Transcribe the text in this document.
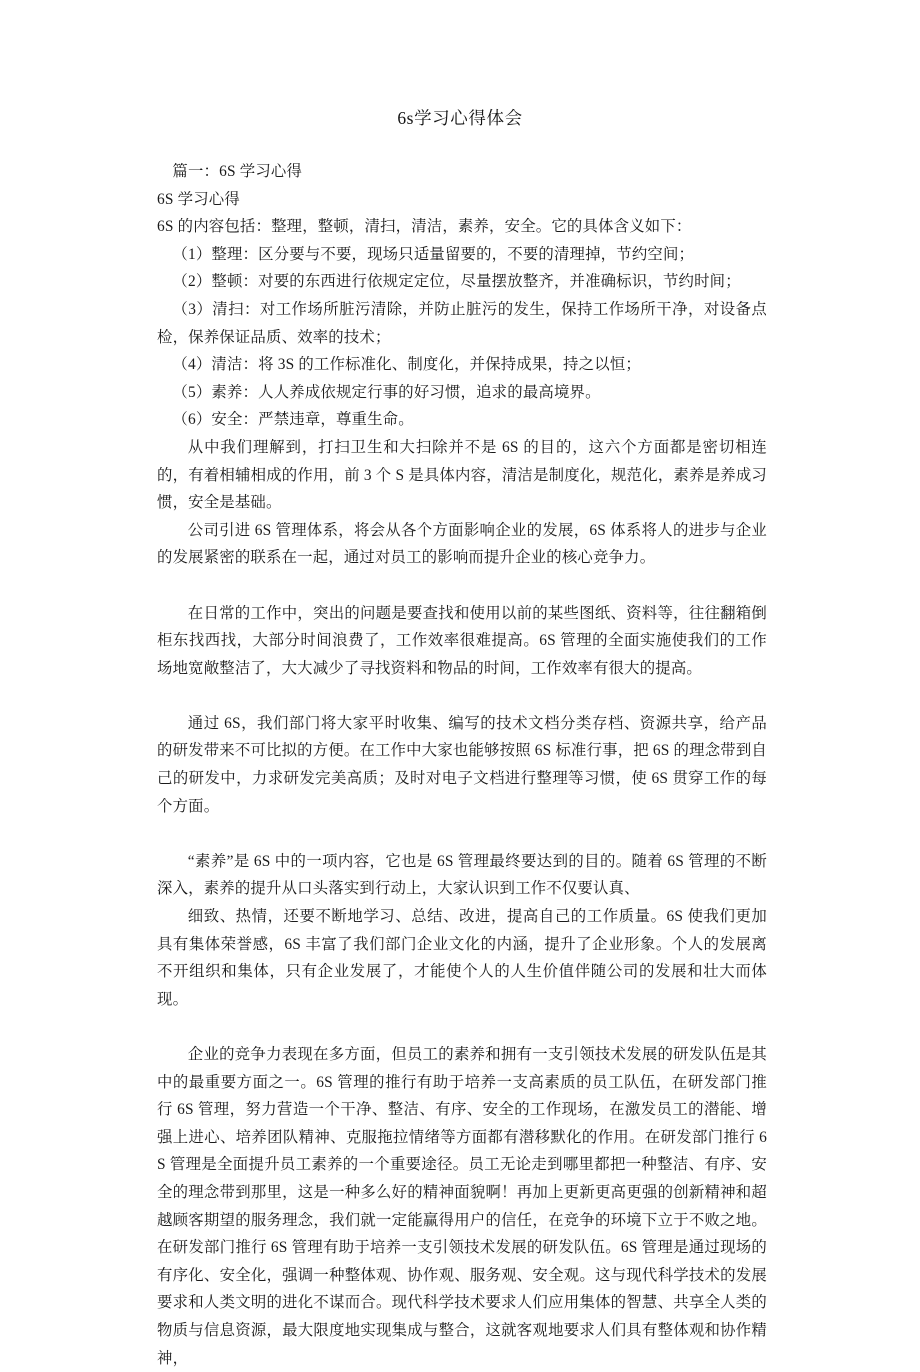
6s学习心得体会

篇一：6S 学习心得

6S 学习心得

6S 的内容包括：整理，整顿，清扫，清洁，素养，安全。它的具体含义如下：

（1）整理：区分要与不要，现场只适量留要的，不要的清理掉，节约空间；

（2）整顿：对要的东西进行依规定定位，尽量摆放整齐，并准确标识，节约时间；

（3）清扫：对工作场所脏污清除，并防止脏污的发生，保持工作场所干净，对设备点检，保养保证品质、效率的技术；

（4）清洁：将 3S 的工作标准化、制度化，并保持成果，持之以恒；

（5）素养：人人养成依规定行事的好习惯，追求的最高境界。

（6）安全：严禁违章，尊重生命。

从中我们理解到，打扫卫生和大扫除并不是 6S 的目的，这六个方面都是密切相连的，有着相辅相成的作用，前 3 个 S 是具体内容，清洁是制度化，规范化，素养是养成习惯，安全是基础。

公司引进 6S 管理体系，将会从各个方面影响企业的发展，6S 体系将人的进步与企业的发展紧密的联系在一起，通过对员工的影响而提升企业的核心竞争力。

在日常的工作中，突出的问题是要查找和使用以前的某些图纸、资料等，往往翻箱倒柜东找西找，大部分时间浪费了，工作效率很难提高。6S 管理的全面实施使我们的工作场地宽敞整洁了，大大减少了寻找资料和物品的时间，工作效率有很大的提高。

通过 6S，我们部门将大家平时收集、编写的技术文档分类存档、资源共享，给产品的研发带来不可比拟的方便。在工作中大家也能够按照 6S 标准行事，把 6S 的理念带到自己的研发中，力求研发完美高质；及时对电子文档进行整理等习惯，使 6S 贯穿工作的每个方面。

“素养”是 6S 中的一项内容，它也是 6S 管理最终要达到的目的。随着 6S 管理的不断深入，素养的提升从口头落实到行动上，大家认识到工作不仅要认真、

细致、热情，还要不断地学习、总结、改进，提高自己的工作质量。6S 使我们更加具有集体荣誉感，6S 丰富了我们部门企业文化的内涵，提升了企业形象。个人的发展离不开组织和集体，只有企业发展了，才能使个人的人生价值伴随公司的发展和壮大而体现。

企业的竞争力表现在多方面，但员工的素养和拥有一支引领技术发展的研发队伍是其中的最重要方面之一。6S 管理的推行有助于培养一支高素质的员工队伍，在研发部门推行 6S 管理，努力营造一个干净、整洁、有序、安全的工作现场，在激发员工的潜能、增强上进心、培养团队精神、克服拖拉情绪等方面都有潜移默化的作用。在研发部门推行 6S 管理是全面提升员工素养的一个重要途径。员工无论走到哪里都把一种整洁、有序、安全的理念带到那里，这是一种多么好的精神面貌啊！再加上更新更高更强的创新精神和超越顾客期望的服务理念，我们就一定能赢得用户的信任，在竞争的环境下立于不败之地。在研发部门推行 6S 管理有助于培养一支引领技术发展的研发队伍。6S 管理是通过现场的有序化、安全化，强调一种整体观、协作观、服务观、安全观。这与现代科学技术的发展要求和人类文明的进化不谋而合。现代科学技术要求人们应用集体的智慧、共享全人类的物质与信息资源，最大限度地实现集成与整合，这就客观地要求人们具有整体观和协作精神，
